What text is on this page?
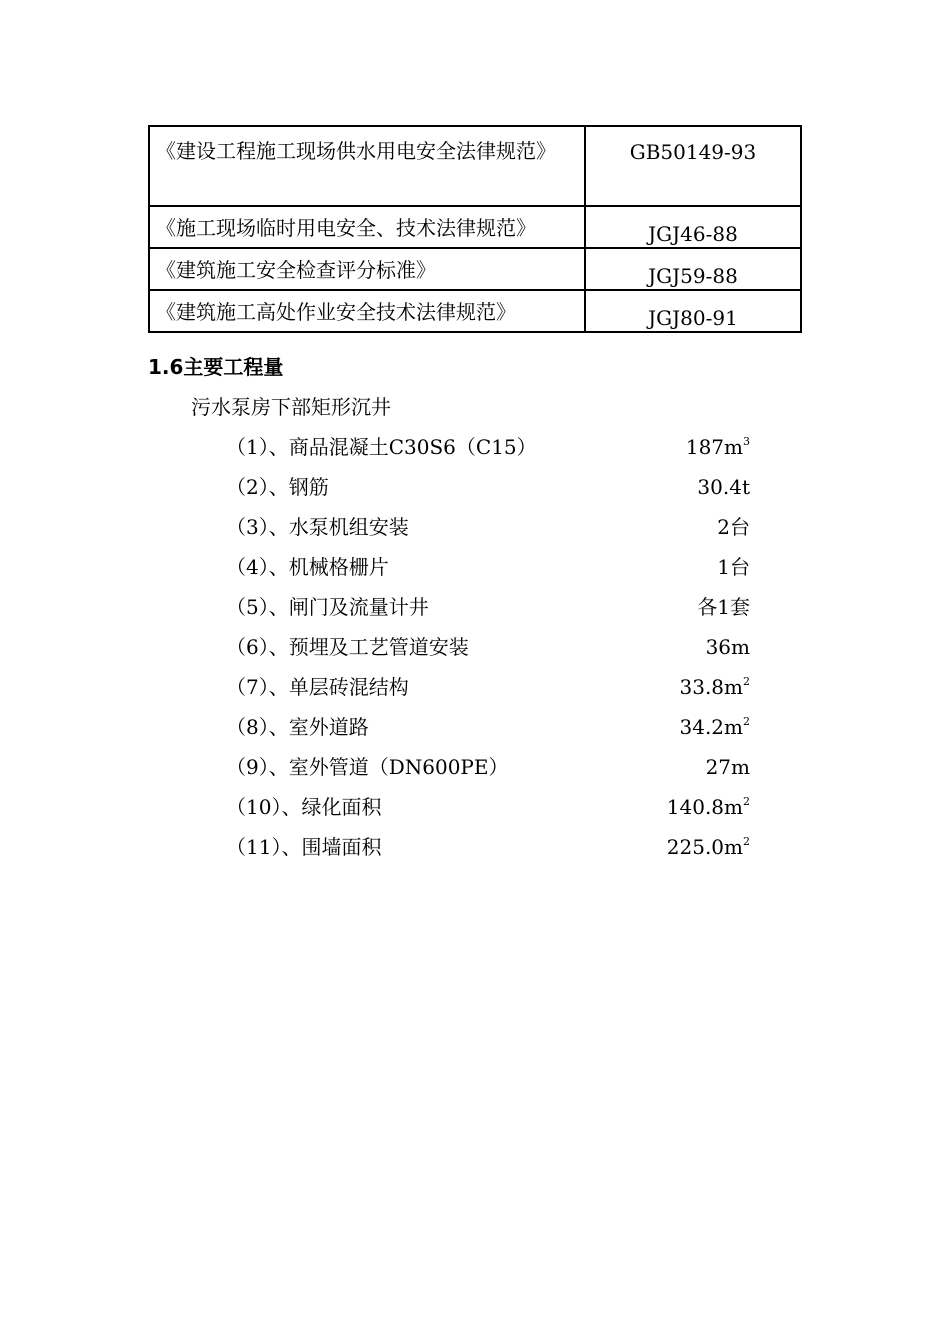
《建设工程施工现场供水用电安全法律规范》	GB50149-93
《施工现场临时用电安全、技术法律规范》	JGJ46-88
《建筑施工安全检查评分标准》	JGJ59-88
《建筑施工高处作业安全技术法律规范》	JGJ80-91
1.6主要工程量
污水泵房下部矩形沉井
（1）、商品混凝土C30S6（C15）	$187m^3$
（2）、钢筋	30.4t
（3）、水泵机组安装	2台
（4）、机械格栅片	1台
（5）、闸门及流量计井	各1套
（6）、预埋及工艺管道安装	36m
（7）、单层砖混结构	$33.8m^2$
（8）、室外道路	$34.2m^2$
（9）、室外管道（DN600PE）	27m
（10）、绿化面积	$140.8m^2$
（11）、围墙面积	$225.0m^2$
